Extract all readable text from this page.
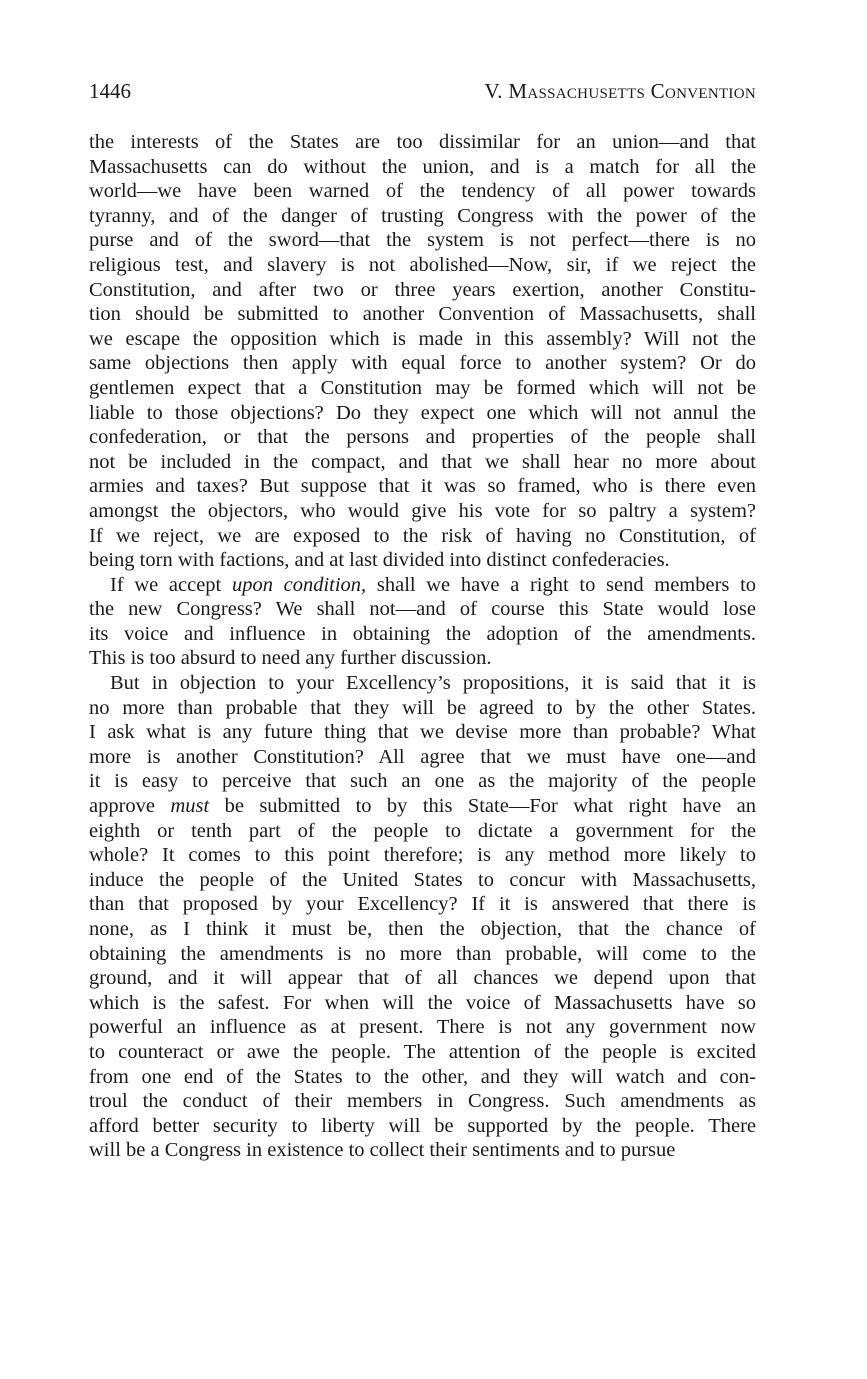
1446	V. Massachusetts Convention
the interests of the States are too dissimilar for an union—and that
Massachusetts can do without the union, and is a match for all the
world—we have been warned of the tendency of all power towards
tyranny, and of the danger of trusting Congress with the power of the
purse and of the sword—that the system is not perfect—there is no
religious test, and slavery is not abolished—Now, sir, if we reject the
Constitution, and after two or three years exertion, another Constitu-
tion should be submitted to another Convention of Massachusetts, shall
we escape the opposition which is made in this assembly? Will not the
same objections then apply with equal force to another system? Or do
gentlemen expect that a Constitution may be formed which will not be
liable to those objections? Do they expect one which will not annul the
confederation, or that the persons and properties of the people shall
not be included in the compact, and that we shall hear no more about
armies and taxes? But suppose that it was so framed, who is there even
amongst the objectors, who would give his vote for so paltry a system?
If we reject, we are exposed to the risk of having no Constitution, of
being torn with factions, and at last divided into distinct confederacies.
If we accept upon condition, shall we have a right to send members to
the new Congress? We shall not—and of course this State would lose
its voice and influence in obtaining the adoption of the amendments.
This is too absurd to need any further discussion.
But in objection to your Excellency’s propositions, it is said that it is
no more than probable that they will be agreed to by the other States.
I ask what is any future thing that we devise more than probable? What
more is another Constitution? All agree that we must have one—and
it is easy to perceive that such an one as the majority of the people
approve must be submitted to by this State—For what right have an
eighth or tenth part of the people to dictate a government for the
whole? It comes to this point therefore; is any method more likely to
induce the people of the United States to concur with Massachusetts,
than that proposed by your Excellency? If it is answered that there is
none, as I think it must be, then the objection, that the chance of
obtaining the amendments is no more than probable, will come to the
ground, and it will appear that of all chances we depend upon that
which is the safest. For when will the voice of Massachusetts have so
powerful an influence as at present. There is not any government now
to counteract or awe the people. The attention of the people is excited
from one end of the States to the other, and they will watch and con-
troul the conduct of their members in Congress. Such amendments as
afford better security to liberty will be supported by the people. There
will be a Congress in existence to collect their sentiments and to pursue
